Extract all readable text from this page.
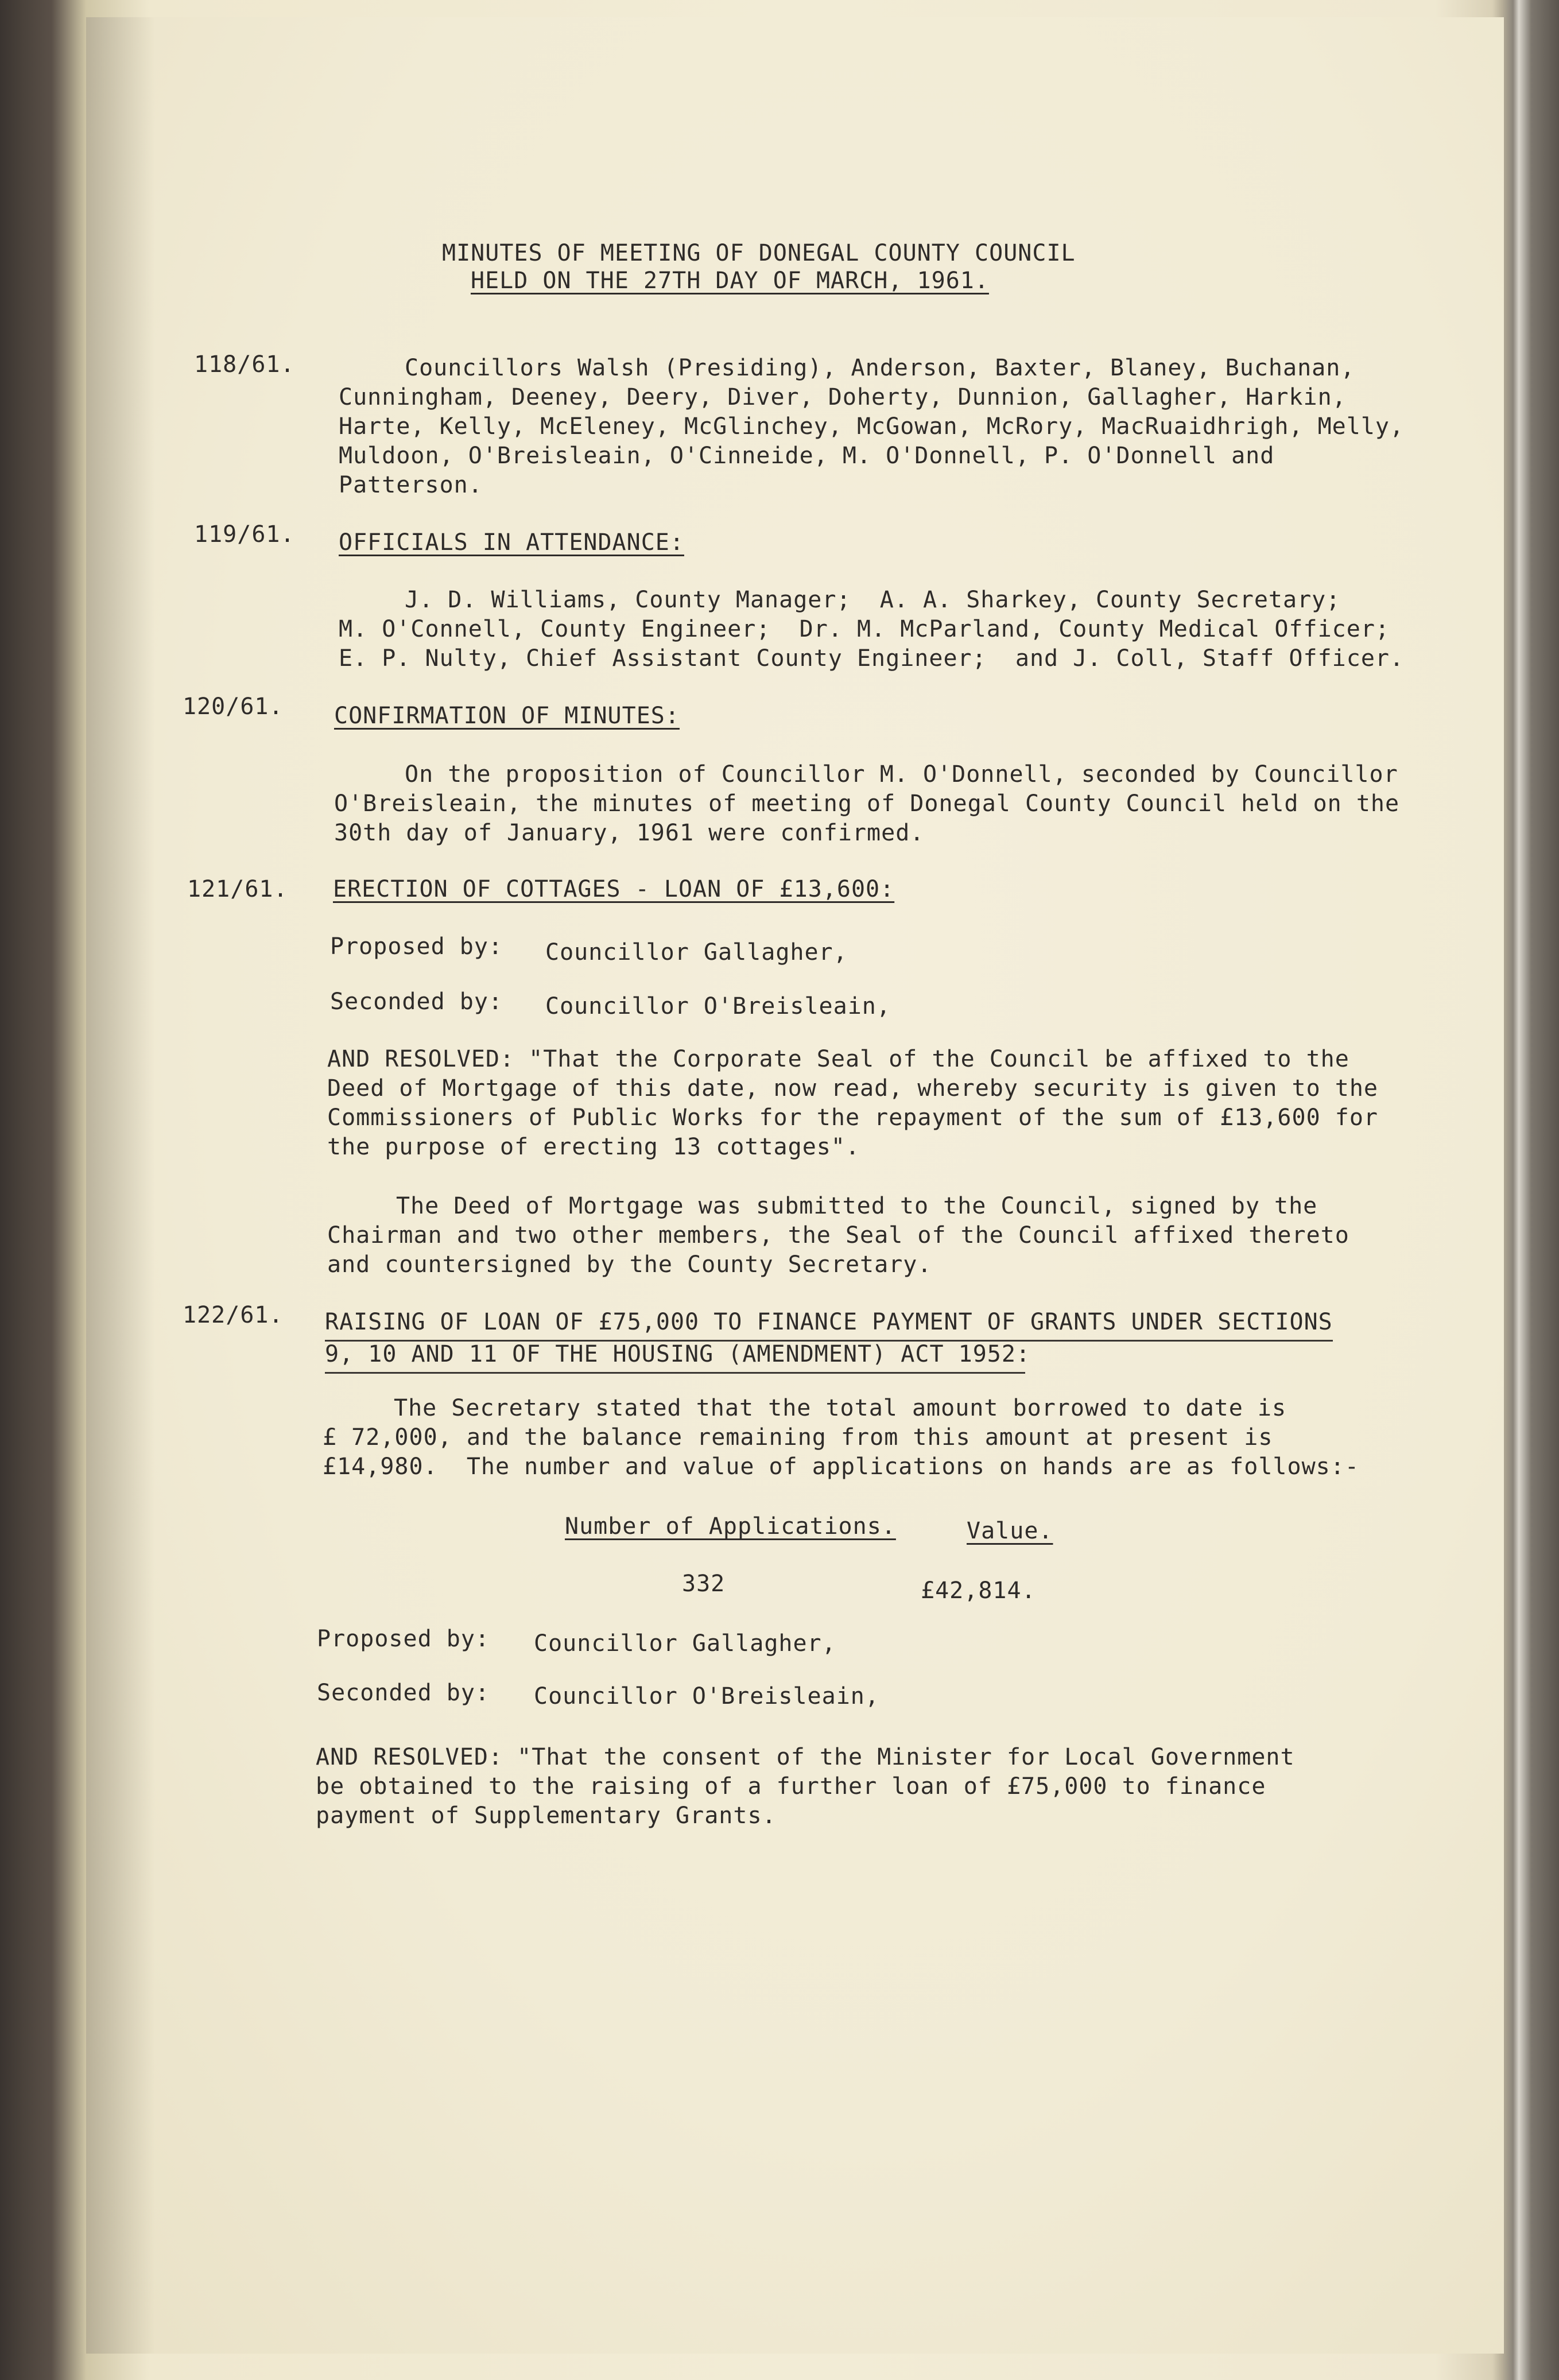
MINUTES OF MEETING OF DONEGAL COUNTY COUNCIL
HELD ON THE 27TH DAY OF MARCH, 1961.
118/61.	Councillors Walsh (Presiding), Anderson, Baxter, Blaney, Buchanan,
Cunningham, Deeney, Deery, Diver, Doherty, Dunnion, Gallagher, Harkin,
Harte, Kelly, McEleney, McGlinchey, McGowan, McRory, MacRuaidhrigh, Melly,
Muldoon, O'Breisleain, O'Cinneide, M. O'Donnell, P. O'Donnell and
Patterson.
119/61. OFFICIALS IN ATTENDANCE:
J. D. Williams, County Manager;  A. A. Sharkey, County Secretary;
M. O'Connell, County Engineer;  Dr. M. McParland, County Medical Officer;
E. P. Nulty, Chief Assistant County Engineer;  and J. Coll, Staff Officer.
120/61. CONFIRMATION OF MINUTES:
On the proposition of Councillor M. O'Donnell, seconded by Councillor
O'Breisleain, the minutes of meeting of Donegal County Council held on the
30th day of January, 1961 were confirmed.
121/61. ERECTION OF COTTAGES - LOAN OF £13,600:
Proposed by: Councillor Gallagher,
Seconded by: Councillor O'Breisleain,
AND RESOLVED: "That the Corporate Seal of the Council be affixed to the
Deed of Mortgage of this date, now read, whereby security is given to the
Commissioners of Public Works for the repayment of the sum of £13,600 for
the purpose of erecting 13 cottages".
The Deed of Mortgage was submitted to the Council, signed by the
Chairman and two other members, the Seal of the Council affixed thereto
and countersigned by the County Secretary.
122/61. RAISING OF LOAN OF £75,000 TO FINANCE PAYMENT OF GRANTS UNDER SECTIONS
9, 10 AND 11 OF THE HOUSING (AMENDMENT) ACT 1952:
The Secretary stated that the total amount borrowed to date is
£ 72,000, and the balance remaining from this amount at present is
£14,980.  The number and value of applications on hands are as follows:-
Number of Applications.	Value.
332	£42,814.
Proposed by: Councillor Gallagher,
Seconded by: Councillor O'Breisleain,
AND RESOLVED: "That the consent of the Minister for Local Government
be obtained to the raising of a further loan of £75,000 to finance
payment of Supplementary Grants.
